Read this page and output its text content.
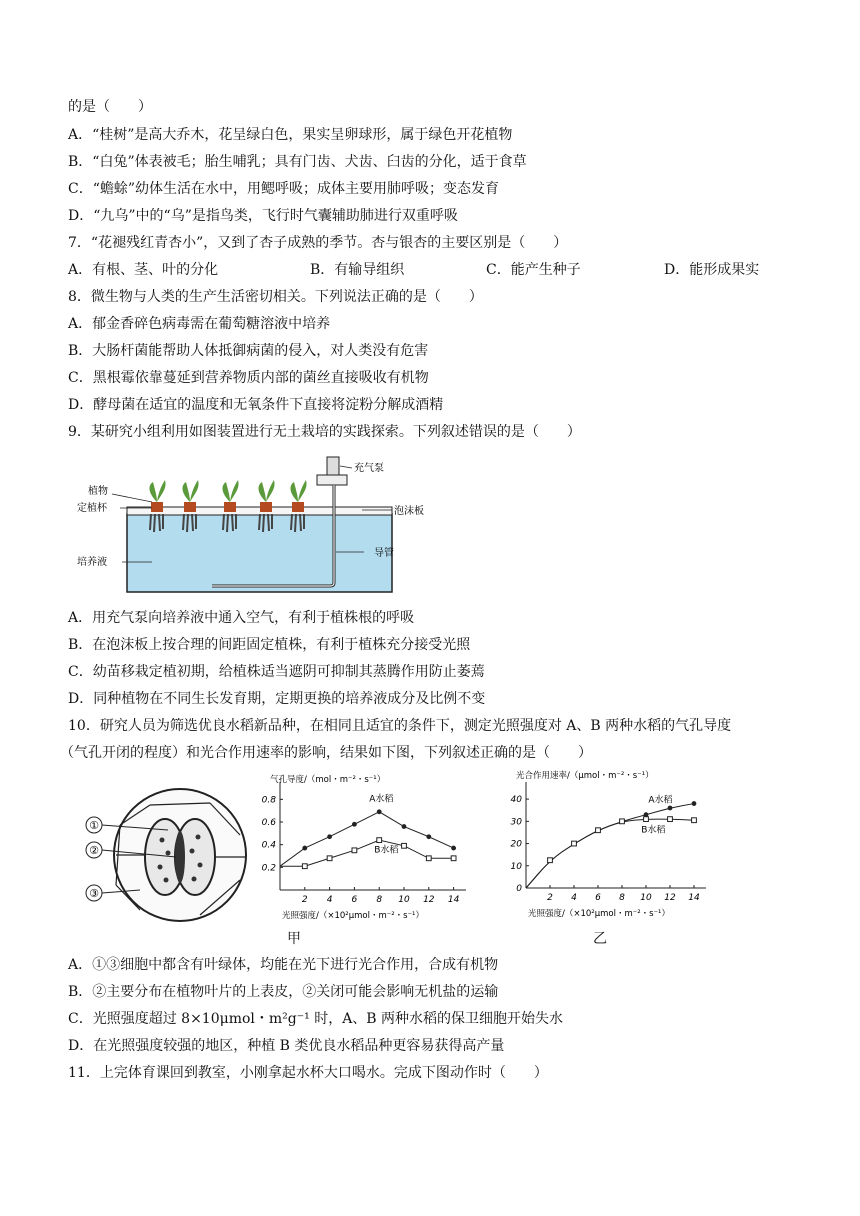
的是（　　）
A．“桂树”是高大乔木，花呈绿白色，果实呈卵球形，属于绿色开花植物
B．“白兔”体表被毛；胎生哺乳；具有门齿、犬齿、臼齿的分化，适于食草
C．“蟾蜍”幼体生活在水中，用鳃呼吸；成体主要用肺呼吸；变态发育
D．“九乌”中的“乌”是指鸟类，飞行时气囊辅助肺进行双重呼吸
7．“花褪残红青杏小”，又到了杏子成熟的季节。杏与银杏的主要区别是（　　）
A．有根、茎、叶的分化	B．有输导组织	C．能产生种子	D．能形成果实
8．微生物与人类的生产生活密切相关。下列说法正确的是（　　）
A．郁金香碎色病毒需在葡萄糖溶液中培养
B．大肠杆菌能帮助人体抵御病菌的侵入，对人类没有危害
C．黑根霉依靠蔓延到营养物质内部的菌丝直接吸收有机物
D．酵母菌在适宜的温度和无氧条件下直接将淀粉分解成酒精
9．某研究小组利用如图装置进行无土栽培的实践探索。下列叙述错误的是（　　）
充气泵
植物
定植杯	泡沫板
导管
培养液
A．用充气泵向培养液中通入空气，有利于植株根的呼吸
B．在泡沫板上按合理的间距固定植株，有利于植株充分接受光照
C．幼苗移栽定植初期，给植株适当遮阴可抑制其蒸腾作用防止萎蔫
D．同种植物在不同生长发育期，定期更换的培养液成分及比例不变
10．研究人员为筛选优良水稻新品种，在相同且适宜的条件下，测定光照强度对 A、B 两种水稻的气孔导度
（气孔开闭的程度）和光合作用速率的影响，结果如下图，下列叙述正确的是（　　）
①
②
③
气孔导度/（mol・m⁻²・s⁻¹）
光照强度/（×10²μmol・m⁻²・s⁻¹）
2 4 6 8 10 12 14
0.2
0.4
0.6
0.8	A水稻
B水稻
光合作用速率/（μmol・m⁻²・s⁻¹）
光照强度/（×10²μmol・m⁻²・s⁻¹）
2 4 6 8 10 12 14
0
10
20
30
40	A水稻
B水稻
甲	乙
A．①③细胞中都含有叶绿体，均能在光下进行光合作用，合成有机物
B．②主要分布在植物叶片的上表皮，②关闭可能会影响无机盐的运输
C．光照强度超过 8×10μmol・m²g⁻¹ 时，A、B 两种水稻的保卫细胞开始失水
D．在光照强度较强的地区，种植 B 类优良水稻品种更容易获得高产量
11．上完体育课回到教室，小刚拿起水杯大口喝水。完成下图动作时（　　）
